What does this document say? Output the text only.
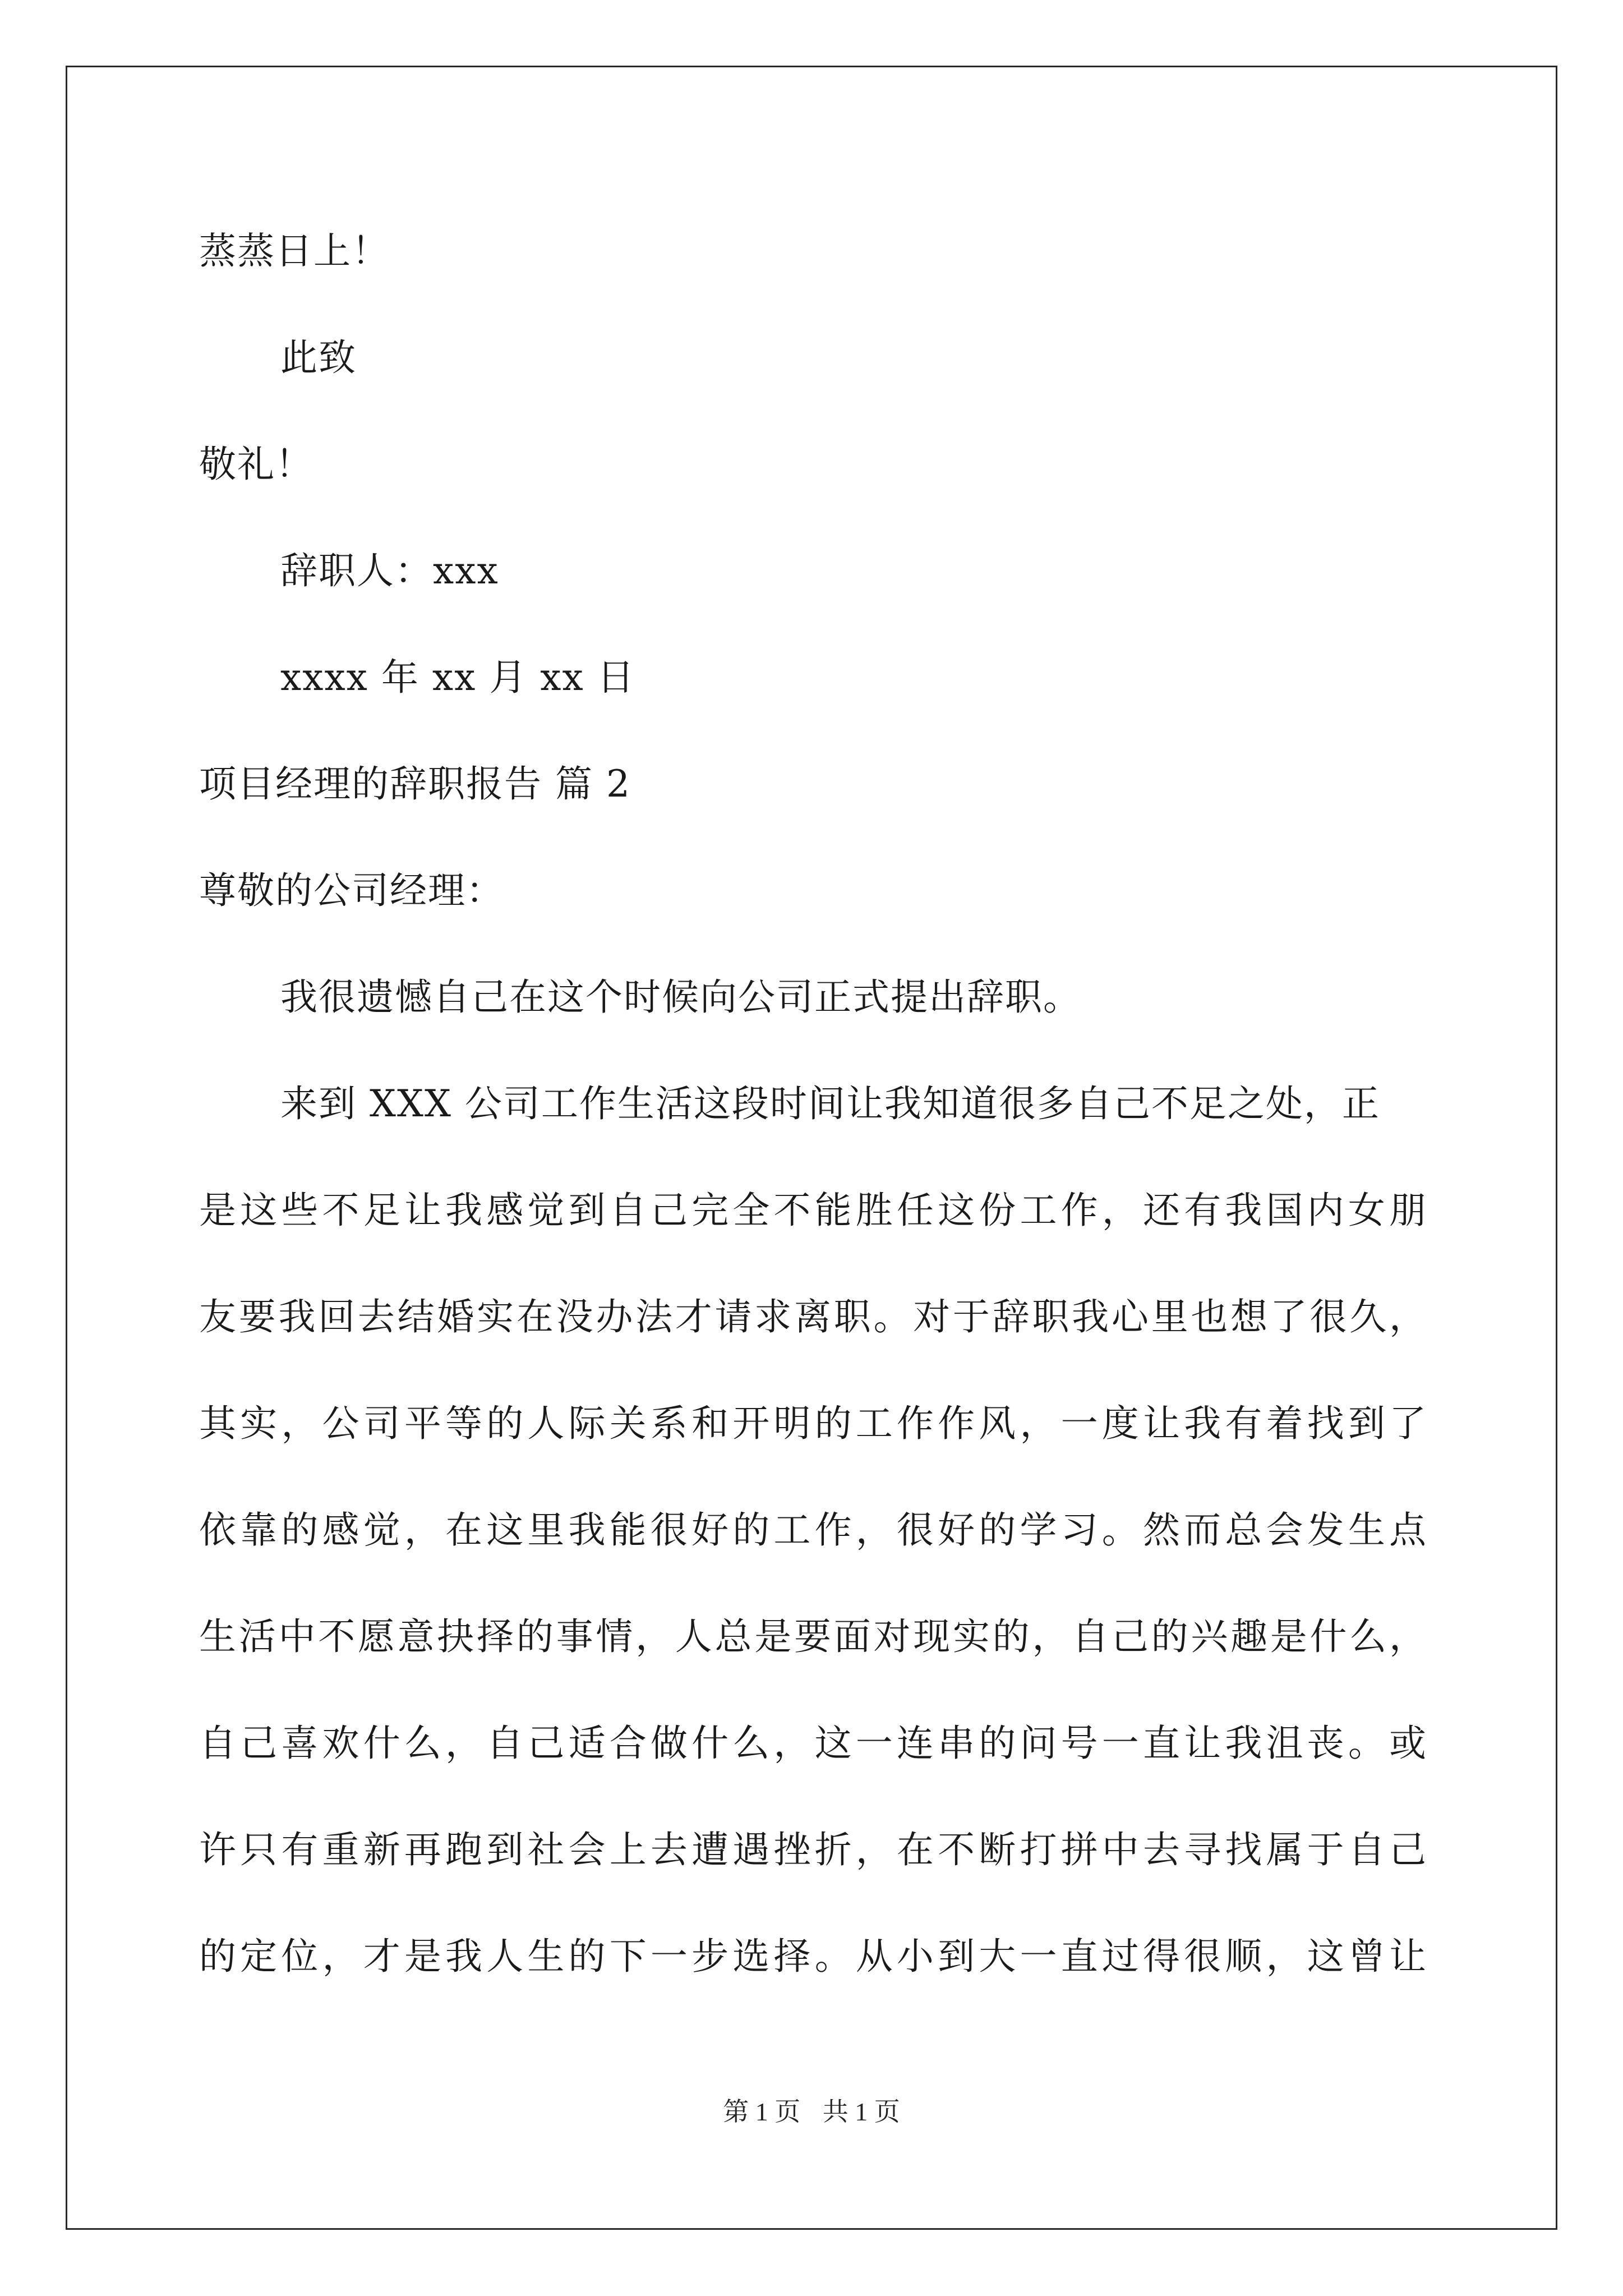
蒸蒸日上！
此致
敬礼！
辞职人：xxx
xxxx 年 xx 月 xx 日
项目经理的辞职报告 篇 2
尊敬的公司经理：
我很遗憾自己在这个时候向公司正式提出辞职。
来到 XXX 公司工作生活这段时间让我知道很多自己不足之处，正
是这些不足让我感觉到自己完全不能胜任这份工作，还有我国内女朋
友要我回去结婚实在没办法才请求离职。对于辞职我心里也想了很久，
其实，公司平等的人际关系和开明的工作作风，一度让我有着找到了
依靠的感觉，在这里我能很好的工作，很好的学习。然而总会发生点
生活中不愿意抉择的事情，人总是要面对现实的，自己的兴趣是什么，
自己喜欢什么，自己适合做什么，这一连串的问号一直让我沮丧。或
许只有重新再跑到社会上去遭遇挫折，在不断打拼中去寻找属于自己
的定位，才是我人生的下一步选择。从小到大一直过得很顺，这曾让
第 1 页 共 1 页
